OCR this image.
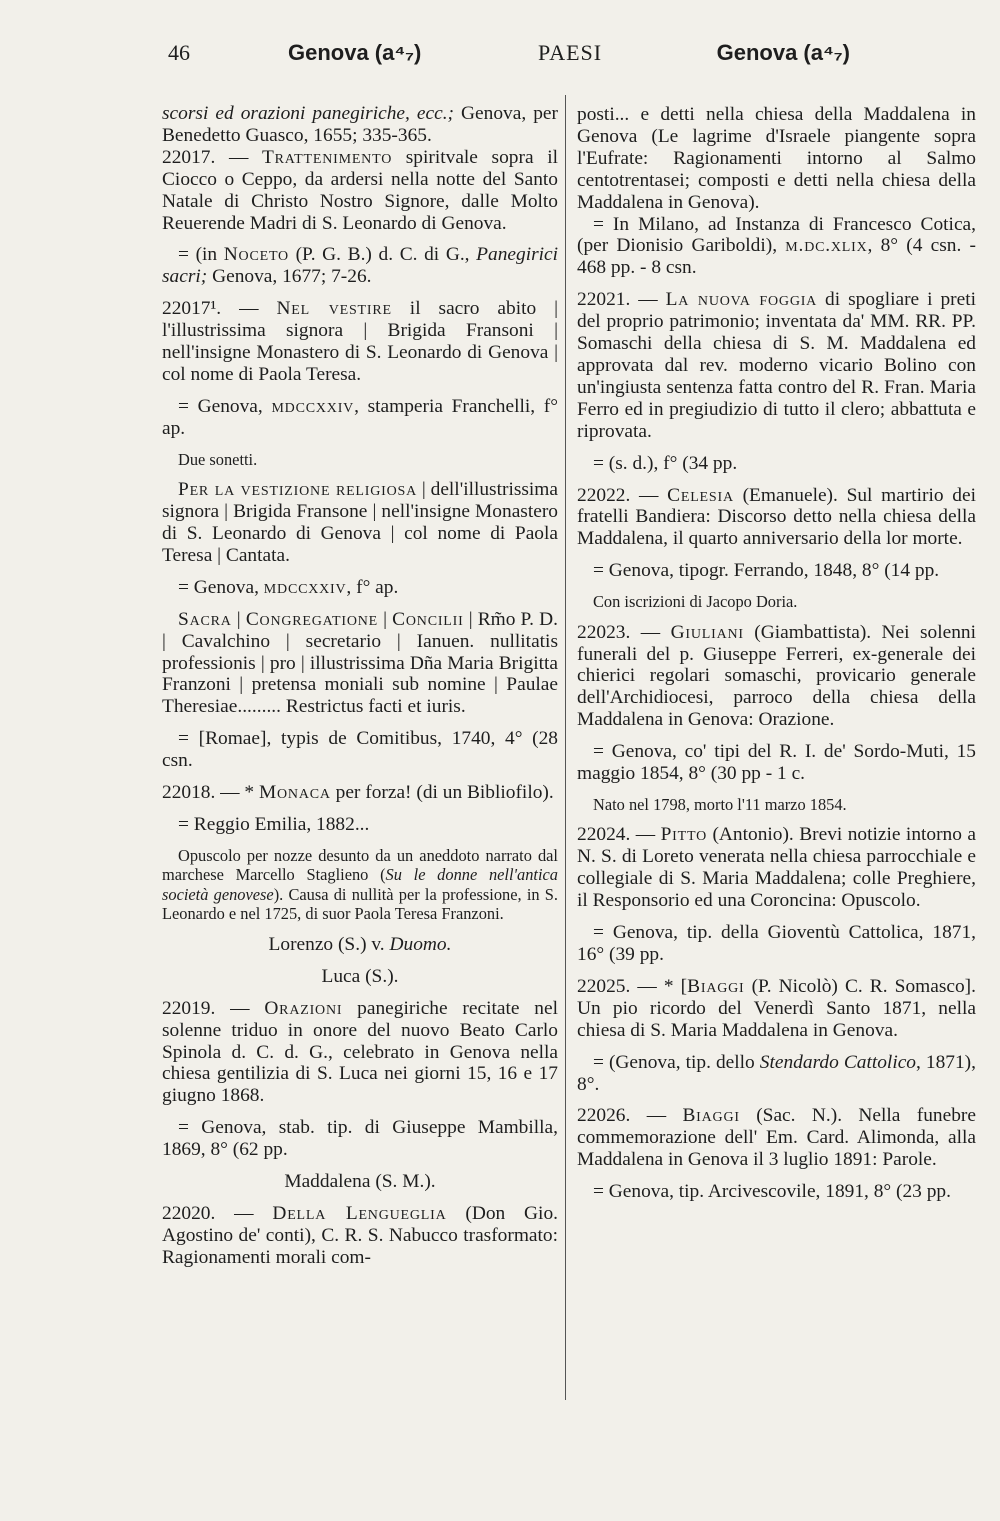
46	Genova (a⁴₇)	PAESI	Genova (a⁴₇)

scorsi ed orazioni panegiriche, ecc.; Genova, per Benedetto Guasco, 1655; 335-365.

22017. — Trattenimento spiritvale sopra il Ciocco o Ceppo, da ardersi nella notte del Santo Natale di Christo Nostro Signore, dalle Molto Reuerende Madri di S. Leonardo di Genova.

= (in Noceto (P. G. B.) d. C. di G., Panegirici sacri; Genova, 1677; 7-26.

22017¹. — Nel vestire il sacro abito | l'illustrissima signora | Brigida Fransoni | nell'insigne Monastero di S. Leonardo di Genova | col nome di Paola Teresa.

= Genova, mdccxxiv, stamperia Franchelli, f° ap.

Due sonetti.

Per la vestizione religiosa | dell'illustrissima signora | Brigida Fransone | nell'insigne Monastero di S. Leonardo di Genova | col nome di Paola Teresa | Cantata.

= Genova, mdccxxiv, f° ap.

Sacra | Congregatione | Concilii | Rm̃o P. D. | Cavalchino | secretario | Ianuen. nullitatis professionis | pro | illustrissima Dña Maria Brigitta Franzoni | pretensa moniali sub nomine | Paulae Theresiae......... Restrictus facti et iuris.

= [Romae], typis de Comitibus, 1740, 4° (28 csn.

22018. — * Monaca per forza! (di un Bibliofilo).

= Reggio Emilia, 1882...

Opuscolo per nozze desunto da un aneddoto narrato dal marchese Marcello Staglieno (Su le donne nell'antica società genovese). Causa di nullità per la professione, in S. Leonardo e nel 1725, di suor Paola Teresa Franzoni.

Lorenzo (S.) v. Duomo.

Luca (S.).

22019. — Orazioni panegiriche recitate nel solenne triduo in onore del nuovo Beato Carlo Spinola d. C. d. G., celebrato in Genova nella chiesa gentilizia di S. Luca nei giorni 15, 16 e 17 giugno 1868.

= Genova, stab. tip. di Giuseppe Mambilla, 1869, 8° (62 pp.

Maddalena (S. M.).

22020. — Della Lengueglia (Don Gio. Agostino de' conti), C. R. S. Nabucco trasformato: Ragionamenti morali com-

posti... e detti nella chiesa della Maddalena in Genova (Le lagrime d'Israele piangente sopra l'Eufrate: Ragionamenti intorno al Salmo centotrentasei; composti e detti nella chiesa della Maddalena in Genova).

= In Milano, ad Instanza di Francesco Cotica, (per Dionisio Gariboldi), m.dc.xlix, 8° (4 csn. - 468 pp. - 8 csn.

22021. — La nuova foggia di spogliare i preti del proprio patrimonio; inventata da' MM. RR. PP. Somaschi della chiesa di S. M. Maddalena ed approvata dal rev. moderno vicario Bolino con un'ingiusta sentenza fatta contro del R. Fran. Maria Ferro ed in pregiudizio di tutto il clero; abbattuta e riprovata.

= (s. d.), f° (34 pp.

22022. — Celesia (Emanuele). Sul martirio dei fratelli Bandiera: Discorso detto nella chiesa della Maddalena, il quarto anniversario della lor morte.

= Genova, tipogr. Ferrando, 1848, 8° (14 pp.

Con iscrizioni di Jacopo Doria.

22023. — Giuliani (Giambattista). Nei solenni funerali del p. Giuseppe Ferreri, ex-generale dei chierici regolari somaschi, provicario generale dell'Archidiocesi, parroco della chiesa della Maddalena in Genova: Orazione.

= Genova, co' tipi del R. I. de' Sordo-Muti, 15 maggio 1854, 8° (30 pp - 1 c.

Nato nel 1798, morto l'11 marzo 1854.

22024. — Pitto (Antonio). Brevi notizie intorno a N. S. di Loreto venerata nella chiesa parrocchiale e collegiale di S. Maria Maddalena; colle Preghiere, il Responsorio ed una Coroncina: Opuscolo.

= Genova, tip. della Gioventù Cattolica, 1871, 16° (39 pp.

22025. — * [Biaggi (P. Nicolò) C. R. Somasco]. Un pio ricordo del Venerdì Santo 1871, nella chiesa di S. Maria Maddalena in Genova.

= (Genova, tip. dello Stendardo Cattolico, 1871), 8°.

22026. — Biaggi (Sac. N.). Nella funebre commemorazione dell' Em. Card. Alimonda, alla Maddalena in Genova il 3 luglio 1891: Parole.

= Genova, tip. Arcivescovile, 1891, 8° (23 pp.
